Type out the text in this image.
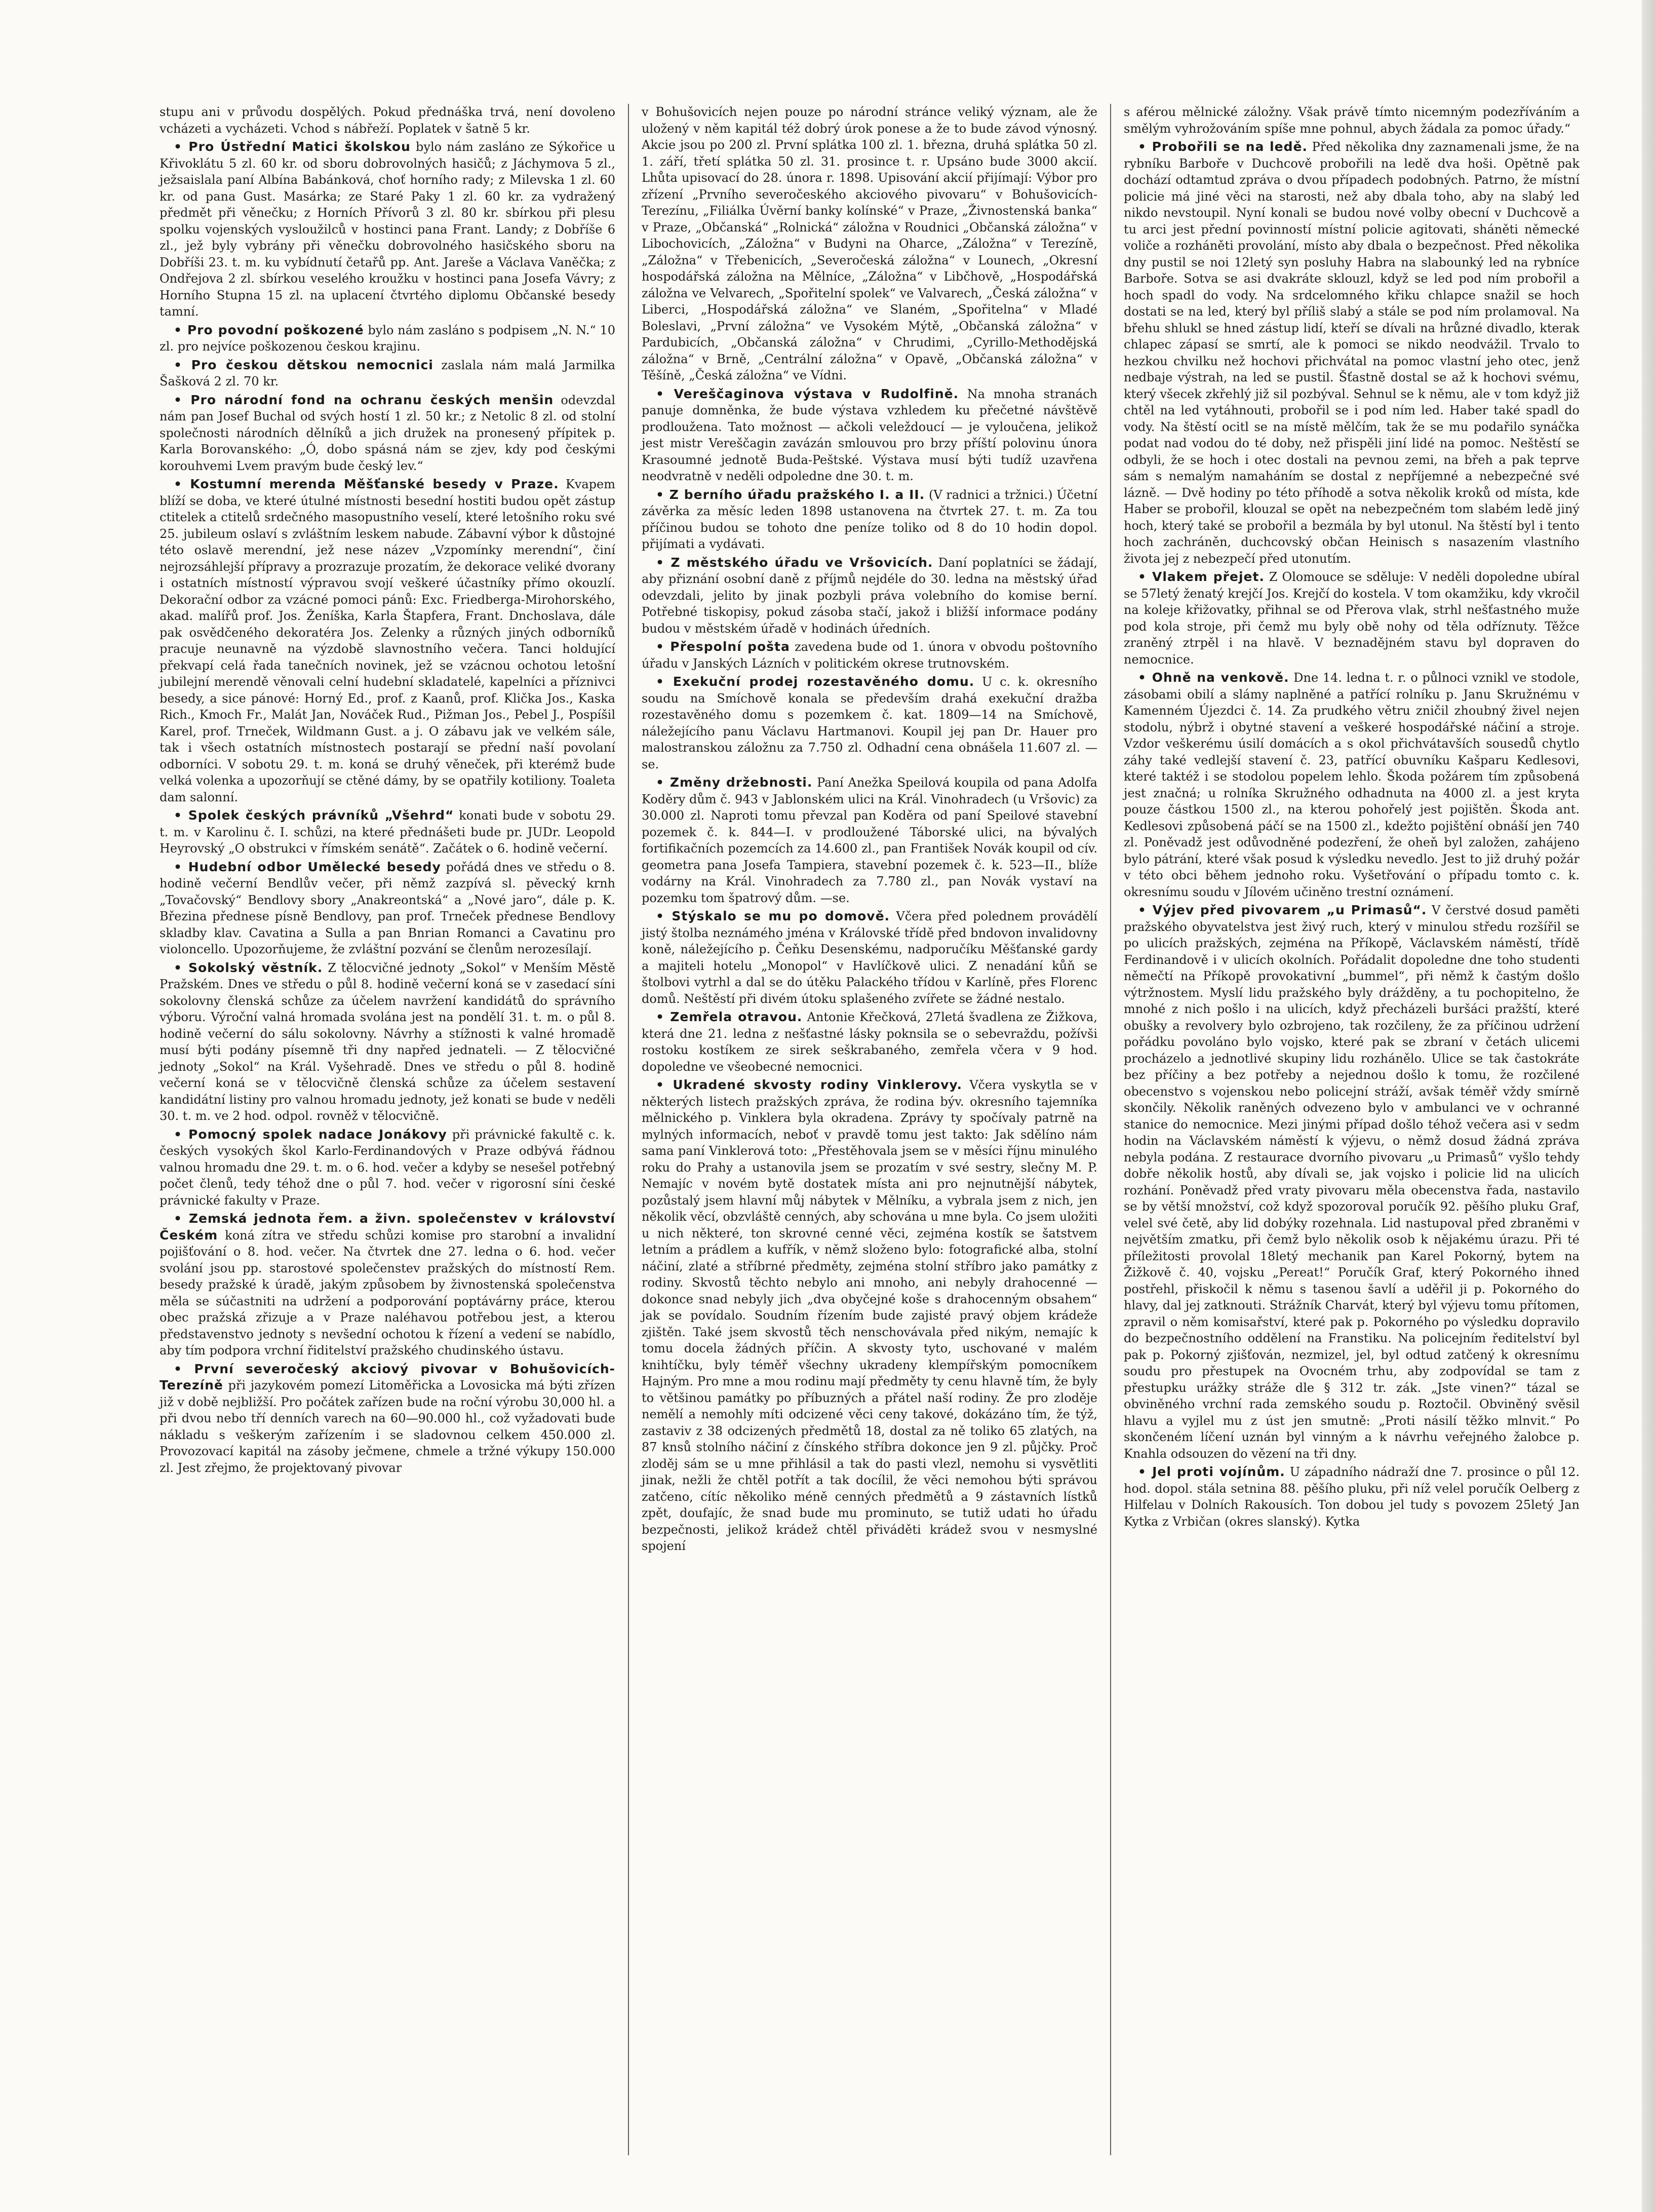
stupu ani v průvodu dospělých. Pokud přednáška trvá, není dovoleno vcházeti a vycházeti. Vchod s nábřeží. Poplatek v šatně 5 kr.

• Pro Ústřední Matici školskou bylo nám zasláno ze Sýkořice u Křivoklátu 5 zl. 60 kr. od sboru dobrovolných hasičů; z Jáchymova 5 zl., ježsaislala paní Albína Babánková, choť horního rady; z Milevska 1 zl. 60 kr. od pana Gust. Masárka; ze Staré Paky 1 zl. 60 kr. za vydražený předmět při věnečku; z Horních Přívorů 3 zl. 80 kr. sbírkou při plesu spolku vojenských vysloužilců v hostinci pana Frant. Landy; z Dobříše 6 zl., jež byly vybrány při věnečku dobrovolného hasičského sboru na Dobříši 23. t. m. ku vybídnutí četařů pp. Ant. Jareše a Václava Vaněčka; z Ondřejova 2 zl. sbírkou veselého kroužku v hostinci pana Josefa Vávry; z Horního Stupna 15 zl. na uplacení čtvrtého diplomu Občanské besedy tamní.

• Pro povodní poškozené bylo nám zasláno s podpisem „N. N.“ 10 zl. pro nejvíce poškozenou českou krajinu.

• Pro českou dětskou nemocnici zaslala nám malá Jarmilka Šašková 2 zl. 70 kr.

• Pro národní fond na ochranu českých menšin odevzdal nám pan Josef Buchal od svých hostí 1 zl. 50 kr.; z Netolic 8 zl. od stolní společnosti národních dělníků a jich družek na pronesený přípitek p. Karla Borovanského: „Ó, dobo spásná nám se zjev, kdy pod českými korouhvemi Lvem pravým bude český lev.“

• Kostumní merenda Měšťanské besedy v Praze. Kvapem blíží se doba, ve které útulné místnosti besední hostiti budou opět zástup ctitelek a ctitelů srdečného masopustního veselí, které letošního roku své 25. jubileum oslaví s zvláštním leskem nabude. Zábavní výbor k důstojné této oslavě merendní, jež nese název „Vzpomínky merendní“, činí nejrozsáhlejší přípravy a prozrazuje prozatím, že dekorace veliké dvorany i ostatních místností výpravou svojí veškeré účastníky přímo okouzlí. Dekorační odbor za vzácné pomoci pánů: Exc. Friedberga-Mirohorského, akad. malířů prof. Jos. Ženíška, Karla Štapfera, Frant. Dnchoslava, dále pak osvědčeného dekoratéra Jos. Zelenky a různých jiných odborníků pracuje neunavně na výzdobě slavnostního večera. Tanci holdující překvapí celá řada tanečních novinek, jež se vzácnou ochotou letošní jubilejní merendě věnovali celní hudební skladatelé, kapelníci a příznivci besedy, a sice pánové: Horný Ed., prof. z Kaanů, prof. Klička Jos., Kaska Rich., Kmoch Fr., Malát Jan, Nováček Rud., Pižman Jos., Pebel J., Pospíšil Karel, prof. Trneček, Wildmann Gust. a j. O zábavu jak ve velkém sále, tak i všech ostatních místnostech postarají se přední naší povolaní odborníci. V sobotu 29. t. m. koná se druhý věneček, při kterémž bude velká volenka a upozorňují se ctěné dámy, by se opatřily kotiliony. Toaleta dam salonní.

• Spolek českých právníků „Všehrd“ konati bude v sobotu 29. t. m. v Karolinu č. I. schůzi, na které přednášeti bude pr. JUDr. Leopold Heyrovský „O obstrukci v římském senátě“. Začátek o 6. hodině večerní.

• Hudební odbor Umělecké besedy pořádá dnes ve středu o 8. hodině večerní Bendlův večer, při němž zazpívá sl. pěvecký krnh „Tovačovský“ Bendlovy sbory „Anakreontská“ a „Nové jaro“, dále p. K. Březina přednese písně Bendlovy, pan prof. Trneček přednese Bendlovy skladby klav. Cavatina a Sulla a pan Bnrian Romanci a Cavatinu pro violoncello. Upozorňujeme, že zvláštní pozvání se členům nerozesílají.

• Sokolský věstník. Z tělocvičné jednoty „Sokol“ v Menším Městě Pražském. Dnes ve středu o půl 8. hodině večerní koná se v zasedací síni sokolovny členská schůze za účelem navržení kandidátů do správního výboru. Výroční valná hromada svolána jest na pondělí 31. t. m. o půl 8. hodině večerní do sálu sokolovny. Návrhy a stížnosti k valné hromadě musí býti podány písemně tři dny napřed jednateli. — Z tělocvičné jednoty „Sokol“ na Král. Vyšehradě. Dnes ve středu o půl 8. hodině večerní koná se v tělocvičně členská schůze za účelem sestavení kandidátní listiny pro valnou hromadu jednoty, jež konati se bude v neděli 30. t. m. ve 2 hod. odpol. rovněž v tělocvičně.

• Pomocný spolek nadace Jonákovy při právnické fakultě c. k. českých vysokých škol Karlo-Ferdinandových v Praze odbývá řádnou valnou hromadu dne 29. t. m. o 6. hod. večer a kdyby se nesešel potřebný počet členů, tedy téhož dne o půl 7. hod. večer v rigorosní síni české právnické fakulty v Praze.

• Zemská jednota řem. a živn. společenstev v království Českém koná zítra ve středu schůzi komise pro starobní a invalidní pojišťování o 8. hod. večer. Na čtvrtek dne 27. ledna o 6. hod. večer svolání jsou pp. starostové společenstev pražských do místností Rem. besedy pražské k úradě, jakým způsobem by živnostenská společenstva měla se súčastniti na udržení a podporování poptávárny práce, kterou obec pražská zřizuje a v Praze naléhavou potřebou jest, a kterou představenstvo jednoty s nevšední ochotou k řízení a vedení se nabídlo, aby tím podpora vrchní řiditelství pražského chudinského ústavu.

• První severočeský akciový pivovar v Bohušovicích-Terezíně při jazykovém pomezí Litoměřicka a Lovosicka má býti zřízen již v době nejbližší. Pro počátek zařízen bude na roční výrobu 30,000 hl. a při dvou nebo tří denních varech na 60—90.000 hl., což vyžadovati bude nákladu s veškerým zařízením i se sladovnou celkem 450.000 zl. Provozovací kapitál na zásoby ječmene, chmele a tržné výkupy 150.000 zl. Jest zřejmo, že projektovaný pivovar

v Bohušovicích nejen pouze po národní stránce veliký význam, ale že uložený v něm kapitál též dobrý úrok ponese a že to bude závod výnosný. Akcie jsou po 200 zl. První splátka 100 zl. 1. března, druhá splátka 50 zl. 1. září, třetí splátka 50 zl. 31. prosince t. r. Upsáno bude 3000 akcií. Lhůta upisovací do 28. února r. 1898. Upisování akcií přijímají: Výbor pro zřízení „Prvního severočeského akciového pivovaru“ v Bohušovicích-Terezínu, „Filiálka Úvěrní banky kolínské“ v Praze, „Živnostenská banka“ v Praze, „Občanská“ „Rolnická“ záložna v Roudnici „Občanská záložna“ v Libochovicích, „Záložna“ v Budyni na Oharce, „Záložna“ v Terezíně, „Záložna“ v Třebenicích, „Severočeská záložna“ v Lounech, „Okresní hospodářská záložna na Mělníce, „Záložna“ v Libčhově, „Hospodářská záložna ve Velvarech, „Spořitelní spolek“ ve Valvarech, „Česká záložna“ v Liberci, „Hospodářská záložna“ ve Slaném, „Spořitelna“ v Mladé Boleslavi, „První záložna“ ve Vysokém Mýtě, „Občanská záložna“ v Pardubicích, „Občanská záložna“ v Chrudimi, „Cyrillo-Methodějská záložna“ v Brně, „Centrální záložna“ v Opavě, „Občanská záložna“ v Těšíně, „Česká záložna“ ve Vídni.

• Vereščaginova výstava v Rudolfině. Na mnoha stranách panuje domněnka, že bude výstava vzhledem ku přečetné návštěvě prodloužena. Tato možnost — ačkoli veleždoucí — je vyloučena, jelikož jest mistr Vereščagin zavázán smlouvou pro brzy příští polovinu února Krasoumné jednotě Buda-Peštské. Výstava musí býti tudíž uzavřena neodvratně v neděli odpoledne dne 30. t. m.

• Z berního úřadu pražského I. a II. (V radnici a tržnici.) Účetní závěrka za měsíc leden 1898 ustanovena na čtvrtek 27. t. m. Za tou příčinou budou se tohoto dne peníze toliko od 8 do 10 hodin dopol. přijímati a vydávati.

• Z městského úřadu ve Vršovicích. Daní poplatníci se žádají, aby přiznání osobní daně z příjmů nejdéle do 30. ledna na městský úřad odevzdali, jelito by jinak pozbyli práva volebního do komise berní. Potřebné tiskopisy, pokud zásoba stačí, jakož i bližší informace podány budou v městském úřadě v hodinách úředních.

• Přespolní pošta zavedena bude od 1. února v obvodu poštovního úřadu v Janských Lázních v politickém okrese trutnovském.

• Exekuční prodej rozestavěného domu. U c. k. okresního soudu na Smíchově konala se především drahá exekuční dražba rozestavěného domu s pozemkem č. kat. 1809—14 na Smíchově, náležejícího panu Václavu Hartmanovi. Koupil jej pan Dr. Hauer pro malostranskou záložnu za 7.750 zl. Odhadní cena obnášela 11.607 zl. —se.

• Změny držebnosti. Paní Anežka Speilová koupila od pana Adolfa Koděry dům č. 943 v Jablonském ulici na Král. Vinohradech (u Vršovic) za 30.000 zl. Naproti tomu převzal pan Koděra od paní Speilové stavební pozemek č. k. 844—I. v prodloužené Táborské ulici, na bývalých fortifikačních pozemcích za 14.600 zl., pan František Novák koupil od cív. geometra pana Josefa Tampiera, stavební pozemek č. k. 523—II., blíže vodárny na Král. Vinohradech za 7.780 zl., pan Novák vystaví na pozemku tom špatrový dům. —se.

• Stýskalo se mu po domově. Včera před polednem provádělí jistý štolba neznámého jména v Královské třídě před bndovon invalidovny koně, náležejícího p. Čeňku Desenskému, nadporučíku Měšťanské gardy a majiteli hotelu „Monopol“ v Havlíčkově ulici. Z nenadání kůň se štolbovi vytrhl a dal se do útěku Palackého třídou v Karlíně, přes Florenc domů. Neštěstí při divém útoku splašeného zvířete se žádné nestalo.

• Zemřela otravou. Antonie Křečková, 27letá švadlena ze Žižkova, která dne 21. ledna z nešťastné lásky poknsila se o sebevraždu, požívši rostoku kostíkem ze sirek seškrabaného, zemřela včera v 9 hod. dopoledne ve všeobecné nemocnici.

• Ukradené skvosty rodiny Vinklerovy. Včera vyskytla se v některých listech pražských zpráva, že rodina býv. okresního tajemníka mělnického p. Vinklera byla okradena. Zprávy ty spočívaly patrně na mylných informacích, neboť v pravdě tomu jest takto: Jak sdělíno nám sama paní Vinklerová toto: „Přestěhovala jsem se v měsíci říjnu minulého roku do Prahy a ustanovila jsem se prozatím v své sestry, slečny M. P. Nemajíc v novém bytě dostatek místa ani pro nejnutnější nábytek, pozůstalý jsem hlavní můj nábytek v Mělníku, a vybrala jsem z nich, jen několik věcí, obzvláště cenných, aby schována u mne byla. Co jsem uložiti u nich některé, ton skrovné cenné věci, zejména kostík se šatstvem letním a prádlem a kufřík, v němž složeno bylo: fotografické alba, stolní náčiní, zlaté a stříbrné předměty, zejména stolní stříbro jako památky z rodiny. Skvostů těchto nebylo ani mnoho, ani nebyly drahocenné — dokonce snad nebyly jich „dva obyčejné koše s drahocenným obsahem“ jak se povídalo. Soudním řízením bude zajisté pravý objem krádeže zjištěn. Také jsem skvostů těch nenschovávala před nikým, nemajíc k tomu docela žádných příčin. A skvosty tyto, uschované v malém knihtíčku, byly téměř všechny ukradeny klempířským pomocníkem Hajným. Pro mne a mou rodinu mají předměty ty cenu hlavně tím, že byly to většinou památky po příbuzných a přátel naší rodiny. Že pro zloděje nemělí a nemohly míti odcizené věci ceny takové, dokázáno tím, že týž, zastaviv z 38 odcizených předmětů 18, dostal za ně toliko 65 zlatých, na 87 knsů stolního náčiní z čínského stříbra dokonce jen 9 zl. půjčky. Proč zloděj sám se u mne přihlásil a tak do pasti vlezl, nemohu si vysvětliti jinak, nežli že chtěl potřít a tak docílil, že věci nemohou býti správou zatčeno, cítíc několiko méně cenných předmětů a 9 zástavních lístků zpět, doufajíc, že snad bude mu prominuto, se tutiž udati ho úřadu bezpečnosti, jelikož krádež chtěl přiváděti krádež svou v nesmyslné spojení

s aférou mělnické záložny. Však právě tímto nicemným podezříváním a smělým vyhrožováním spíše mne pohnul, abych žádala za pomoc úřady.“

• Probořili se na ledě. Před několika dny zaznamenali jsme, že na rybníku Barboře v Duchcově probořili na ledě dva hoši. Opětně pak dochází odtamtud zpráva o dvou případech podobných. Patrno, že místní policie má jiné věci na starosti, než aby dbala toho, aby na slabý led nikdo nevstoupil. Nyní konali se budou nové volby obecní v Duchcově a tu arci jest přední povinností místní policie agitovati, sháněti německé voliče a rozháněti provolání, místo aby dbala o bezpečnost. Před několika dny pustil se noi 12letý syn posluhy Habra na slabounký led na rybníce Barboře. Sotva se asi dvakráte sklouzl, když se led pod ním probořil a hoch spadl do vody. Na srdcelomného křiku chlapce snažil se hoch dostati se na led, který byl příliš slabý a stále se pod ním prolamoval. Na břehu shlukl se hned zástup lidí, kteří se dívali na hrůzné divadlo, kterak chlapec zápasí se smrtí, ale k pomoci se nikdo neodvážil. Trvalo to hezkou chvilku než hochovi přichvátal na pomoc vlastní jeho otec, jenž nedbaje výstrah, na led se pustil. Šťastně dostal se až k hochovi svému, který všecek zkřehlý již sil pozbýval. Sehnul se k němu, ale v tom když již chtěl na led vytáhnouti, probořil se i pod ním led. Haber také spadl do vody. Na štěstí ocitl se na místě mělčím, tak že se mu podařilo synáčka podat nad vodou do té doby, než přispěli jiní lidé na pomoc. Neštěstí se odbyli, že se hoch i otec dostali na pevnou zemi, na břeh a pak teprve sám s nemalým namaháním se dostal z nepříjemné a nebezpečné své lázně. — Dvě hodiny po této příhodě a sotva několik kroků od místa, kde Haber se probořil, klouzal se opět na nebezpečném tom slabém ledě jiný hoch, který také se probořil a bezmála by byl utonul. Na štěstí byl i tento hoch zachráněn, duchcovský občan Heinisch s nasazením vlastního života jej z nebezpečí před utonutím.

• Vlakem přejet. Z Olomouce se sděluje: V neděli dopoledne ubíral se 57letý ženatý krejčí Jos. Krejčí do kostela. V tom okamžiku, kdy vkročil na koleje křižovatky, přihnal se od Přerova vlak, strhl nešťastného muže pod kola stroje, při čemž mu byly obě nohy od těla odříznuty. Těžce zraněný ztrpěl i na hlavě. V beznadějném stavu byl dopraven do nemocnice.

• Ohně na venkově. Dne 14. ledna t. r. o půlnoci vznikl ve stodole, zásobami obilí a slámy naplněné a patřící rolníku p. Janu Skružnému v Kamenném Újezdci č. 14. Za prudkého větru zničil zhoubný živel nejen stodolu, nýbrž i obytné stavení a veškeré hospodářské náčiní a stroje. Vzdor veškerému úsilí domácích a s okol přichvátavších sousedů chytlo záhy také vedlejší stavení č. 23, patřící obuvníku Kašparu Kedlesovi, které taktéž i se stodolou popelem lehlo. Škoda požárem tím způsobená jest značná; u rolníka Skružného odhadnuta na 4000 zl. a jest kryta pouze částkou 1500 zl., na kterou pohořelý jest pojištěn. Škoda ant. Kedlesovi způsobená páčí se na 1500 zl., kdežto pojištění obnáší jen 740 zl. Poněvadž jest odůvodněné podezření, že oheň byl založen, zahájeno bylo pátrání, které však posud k výsledku nevedlo. Jest to již druhý požár v této obci během jednoho roku. Vyšetřování o případu tomto c. k. okresnímu soudu v Jílovém učiněno trestní oznámení.

• Výjev před pivovarem „u Primasů“. V čerstvé dosud paměti pražského obyvatelstva jest živý ruch, který v minulou středu rozšířil se po ulicích pražských, zejména na Příkopě, Václavském náměstí, třídě Ferdinandově i v ulicích okolních. Pořádalit dopoledne dne toho studenti němečtí na Příkopě provokativní „bummel“, při němž k častým došlo výtržnostem. Myslí lidu pražského byly drážděny, a tu pochopitelno, že mnohé z nich pošlo i na ulicích, když přecházeli buršáci pražští, které obušky a revolvery bylo ozbrojeno, tak rozčileny, že za příčinou udržení pořádku povoláno bylo vojsko, které pak se zbraní v četách ulicemi procházelo a jednotlivé skupiny lidu rozhánělo. Ulice se tak častokráte bez příčiny a bez potřeby a nejednou došlo k tomu, že rozčilené obecenstvo s vojenskou nebo policejní stráží, avšak téměř vždy smírně skončily. Několik raněných odvezeno bylo v ambulanci ve v ochranné stanice do nemocnice. Mezi jinými případ došlo téhož večera asi v sedm hodin na Václavském náměstí k výjevu, o němž dosud žádná zpráva nebyla podána. Z restaurace dvorního pivovaru „u Primasů“ vyšlo tehdy dobře několik hostů, aby dívali se, jak vojsko i policie lid na ulicích rozhání. Poněvadž před vraty pivovaru měla obecenstva řada, nastavilo se by větší množství, což když spozoroval poručík 92. pěšího pluku Graf, velel své četě, aby lid dobýky rozehnala. Lid nastupoval před zbraněmi v největším zmatku, při čemž bylo několik osob k nějakému úrazu. Při té příležitosti provolal 18letý mechanik pan Karel Pokorný, bytem na Žižkově č. 40, vojsku „Pereat!“ Poručík Graf, který Pokorného ihned postřehl, přiskočil k němu s tasenou šavlí a uděřil ji p. Pokorného do hlavy, dal jej zatknouti. Strážník Charvát, který byl výjevu tomu přítomen, zpravil o něm komisařství, které pak p. Pokorného po výsledku dopravilo do bezpečnostního oddělení na Franstiku. Na policejním ředitelství byl pak p. Pokorný zjišťován, nezmizel, jel, byl odtud zatčený k okresnímu soudu pro přestupek na Ovocném trhu, aby zodpovídal se tam z přestupku urážky stráže dle § 312 tr. zák. „Jste vinen?“ tázal se obviněného vrchní rada zemského soudu p. Roztočil. Obviněný svěsil hlavu a vyjlel mu z úst jen smutně: „Proti násilí těžko mlnvit.“ Po skončeném líčení uznán byl vinným a k návrhu veřejného žalobce p. Knahla odsouzen do vězení na tři dny.

• Jel proti vojínům. U západního nádraží dne 7. prosince o půl 12. hod. dopol. stála setnina 88. pěšího pluku, při níž velel poručík Oelberg z Hilfelau v Dolních Rakousích. Ton dobou jel tudy s povozem 25letý Jan Kytka z Vrbičan (okres slanský). Kytka
